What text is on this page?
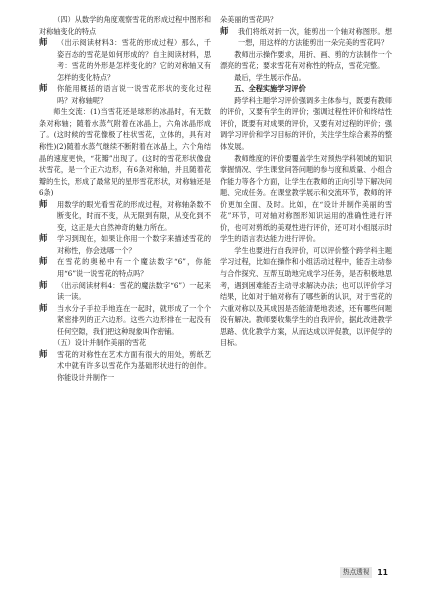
（四）从数学的角度观察雪花的形成过程中图形和对称轴变化的特点

师	（出示阅读材料3：雪花的形成过程）那么，千姿百态的雪花是如何形成的？自主阅读材料，思考：雪花的外形是怎样变化的？它的对称轴又有怎样的变化特点？
师	你能用概括的语言说一说雪花形状的变化过程吗？对称轴呢？

师生交流：(1)当雪花还是球形的冰晶时，有无数条对称轴；随着水蒸气附着在冰晶上，六角冰晶形成了。(这时候的雪花像极了柱状雪花，立体的，具有对称性)(2)随着水蒸气继续不断附着在冰晶上，六个角结晶的速度更快，“花瓣”出现了。(这时的雪花形状像盘状雪花，是一个正六边形，有6条对称轴，并且随着花瓣的生长，形成了最常见的星形雪花形状，对称轴还是6条)

师	用数学的眼光看雪花的形成过程，对称轴条数不断变化，时而不变，从无限到有限，从变化到不变，这正是大自然神奇的魅力所在。
师	学习到现在，如果让你用一个数字来描述雪花的对称性，你会选哪一个？
师	在雪花的奥秘中有一个魔法数字“6”，你能用“6”说一说雪花的特点吗？
师	（出示阅读材料4：雪花的魔法数字“6”）一起来读一读。
师	当水分子手拉手地连在一起时，就形成了一个个紧密排列的正六边形。这些六边形排在一起没有任何空隙，我们把这种现象叫作密铺。

（五）设计并制作美丽的雪花

师	雪花的对称性在艺术方面有很大的用处，剪纸艺术中就有许多以雪花作为基础形状进行的创作。你能设计并制作一

朵美丽的雪花吗？

师	我们将纸对折一次，能剪出一个轴对称图形。想一想，用这样的方法能剪出一朵完美的雪花吗？

教师出示操作要求，用折、画、剪的方法制作一个漂亮的雪花；要求雪花有对称性的特点，雪花完整。

最后，学生展示作品。

五、全程实施学习评价

跨学科主题学习评价强调多主体参与，既要有教师的评价，又要有学生的评价；强调过程性评价和终结性评价，既要有对成果的评价，又要有对过程的评价；强调学习评价和学习目标的评价，关注学生综合素养的整体发展。

教师维度的评价要覆盖学生对预热学科领域的知识掌握情况、学生课堂问答问题的参与度和质量、小组合作能力等各个方面，让学生在教师的正向引导下解决问题、完成任务。在课堂教学展示和交流环节，教师的评价更加全面、及时。比如，在“设计并制作美丽的雪花”环节，可对轴对称图形知识运用的准确性进行评价，也可对剪纸的美观性进行评价，还可对小组展示时学生的语言表达能力进行评价。

学生也要进行自我评价，可以评价整个跨学科主题学习过程，比如在操作和小组活动过程中，能否主动参与合作探究、互帮互助地完成学习任务，是否积极地思考，遇到困难能否主动寻求解决办法；也可以评价学习结果，比如对于轴对称有了哪些新的认识，对于雪花的六重对称以及其成因是否能清楚地表述，还有哪些问题没有解决。教师要收集学生的自我评价，据此改进教学思路、优化教学方案，从而达成以评促教，以评促学的目标。

热点透视	11
